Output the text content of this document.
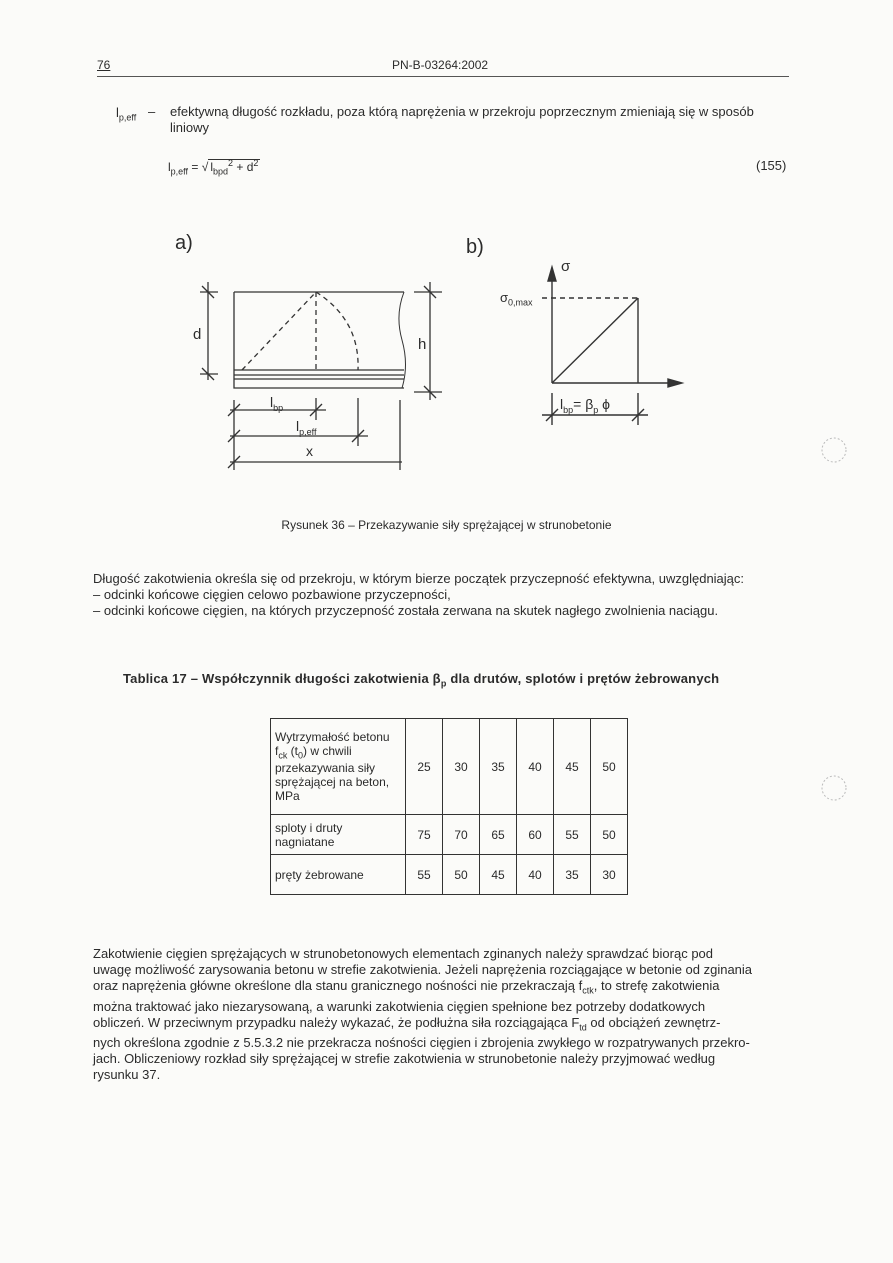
76	PN-B-03264:2002
$l_{p,eff}$ – efektywną długość rozkładu, poza którą naprężenia w przekroju poprzecznym zmieniają się w sposób liniowy
$l_{p,eff}$ = √ $l_{bpd}^2 + d^2$	(155)
a)	b)
d
h
$l_{bp}$
$l_{p,eff}$
x
σ
$\sigma_{0,max}$
$l_{bp}= \beta_p$ ϕ
Rysunek 36 – Przekazywanie siły sprężającej w strunobetonie
Długość zakotwienia określa się od przekroju, w którym bierze początek przyczepność efektywna, uwzględniając:
– odcinki końcowe cięgien celowo pozbawione przyczepności,
– odcinki końcowe cięgien, na których przyczepność została zerwana na skutek nagłego zwolnienia naciągu.
Tablica 17 – Współczynnik długości zakotwienia $\beta_p$ dla drutów, splotów i prętów żebrowanych
Wytrzymałość betonu
$f_{ck}$ $(t_0)$ w chwili
przekazywania siły sprężającej na beton, MPa	25	30	35	40	45	50
sploty i druty nagniatane	75	70	65	60	55	50
pręty żebrowane	55	50	45	40	35	30
Zakotwienie cięgien sprężających w strunobetonowych elementach zginanych należy sprawdzać biorąc pod
uwagę możliwość zarysowania betonu w strefie zakotwienia. Jeżeli naprężenia rozciągające w betonie od zginania
oraz naprężenia główne określone dla stanu granicznego nośności nie przekraczają $f_{ctk}$, to strefę zakotwienia
można traktować jako niezarysowaną, a warunki zakotwienia cięgien spełnione bez potrzeby dodatkowych
obliczeń. W przeciwnym przypadku należy wykazać, że podłużna siła rozciągająca $F_{td}$ od obciążeń zewnętrz-
nych określona zgodnie z 5.5.3.2 nie przekracza nośności cięgien i zbrojenia zwykłego w rozpatrywanych przekro-
jach. Obliczeniowy rozkład siły sprężającej w strefie zakotwienia w strunobetonie należy przyjmować według
rysunku 37.
